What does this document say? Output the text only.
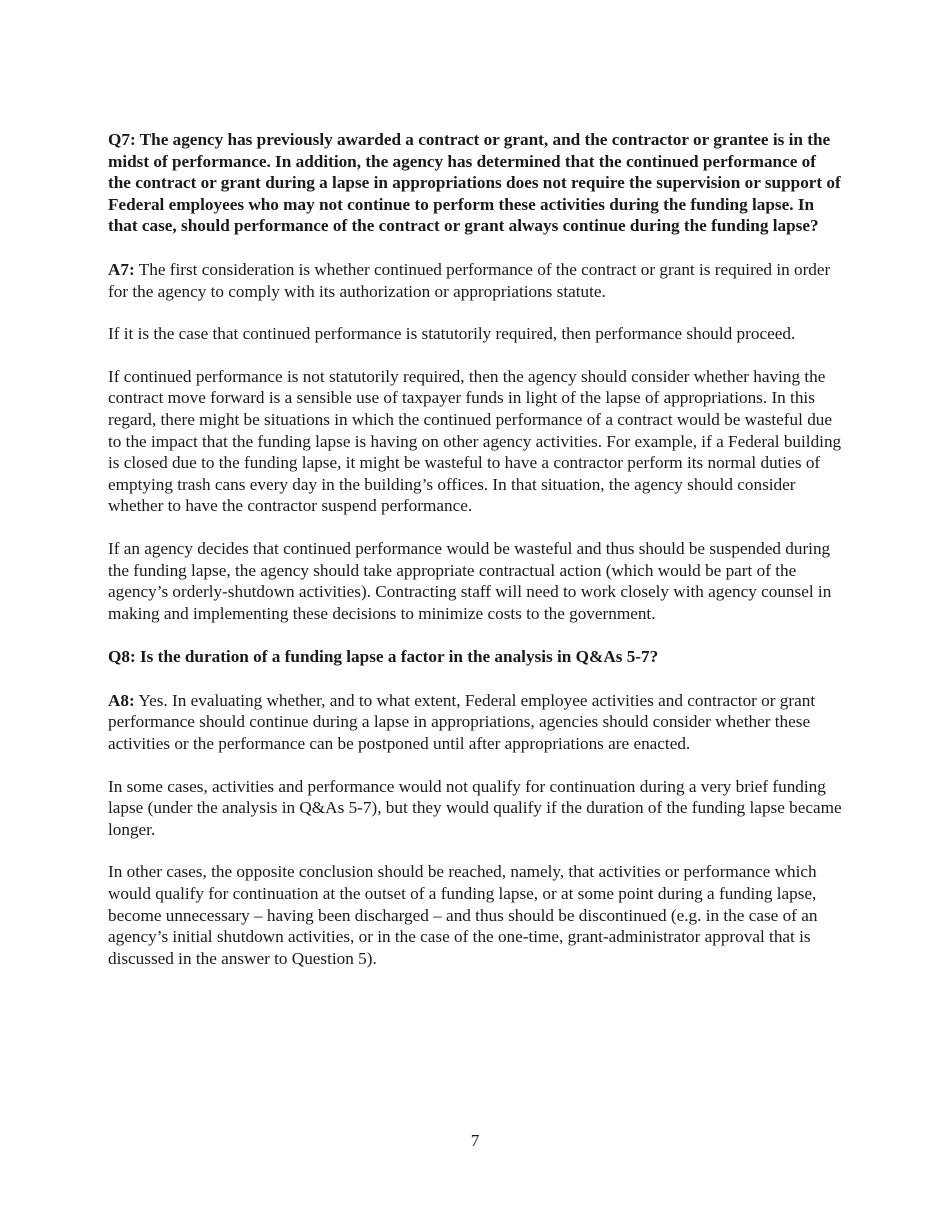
Q7: The agency has previously awarded a contract or grant, and the contractor or grantee is in the midst of performance. In addition, the agency has determined that the continued performance of the contract or grant during a lapse in appropriations does not require the supervision or support of Federal employees who may not continue to perform these activities during the funding lapse. In that case, should performance of the contract or grant always continue during the funding lapse?

A7: The first consideration is whether continued performance of the contract or grant is required in order for the agency to comply with its authorization or appropriations statute.

If it is the case that continued performance is statutorily required, then performance should proceed.

If continued performance is not statutorily required, then the agency should consider whether having the contract move forward is a sensible use of taxpayer funds in light of the lapse of appropriations. In this regard, there might be situations in which the continued performance of a contract would be wasteful due to the impact that the funding lapse is having on other agency activities. For example, if a Federal building is closed due to the funding lapse, it might be wasteful to have a contractor perform its normal duties of emptying trash cans every day in the building’s offices. In that situation, the agency should consider whether to have the contractor suspend performance.

If an agency decides that continued performance would be wasteful and thus should be suspended during the funding lapse, the agency should take appropriate contractual action (which would be part of the agency’s orderly-shutdown activities). Contracting staff will need to work closely with agency counsel in making and implementing these decisions to minimize costs to the government.

Q8: Is the duration of a funding lapse a factor in the analysis in Q&As 5-7?

A8: Yes. In evaluating whether, and to what extent, Federal employee activities and contractor or grant performance should continue during a lapse in appropriations, agencies should consider whether these activities or the performance can be postponed until after appropriations are enacted.

In some cases, activities and performance would not qualify for continuation during a very brief funding lapse (under the analysis in Q&As 5-7), but they would qualify if the duration of the funding lapse became longer.

In other cases, the opposite conclusion should be reached, namely, that activities or performance which would qualify for continuation at the outset of a funding lapse, or at some point during a funding lapse, become unnecessary – having been discharged – and thus should be discontinued (e.g. in the case of an agency’s initial shutdown activities, or in the case of the one-time, grant-administrator approval that is discussed in the answer to Question 5).

7
